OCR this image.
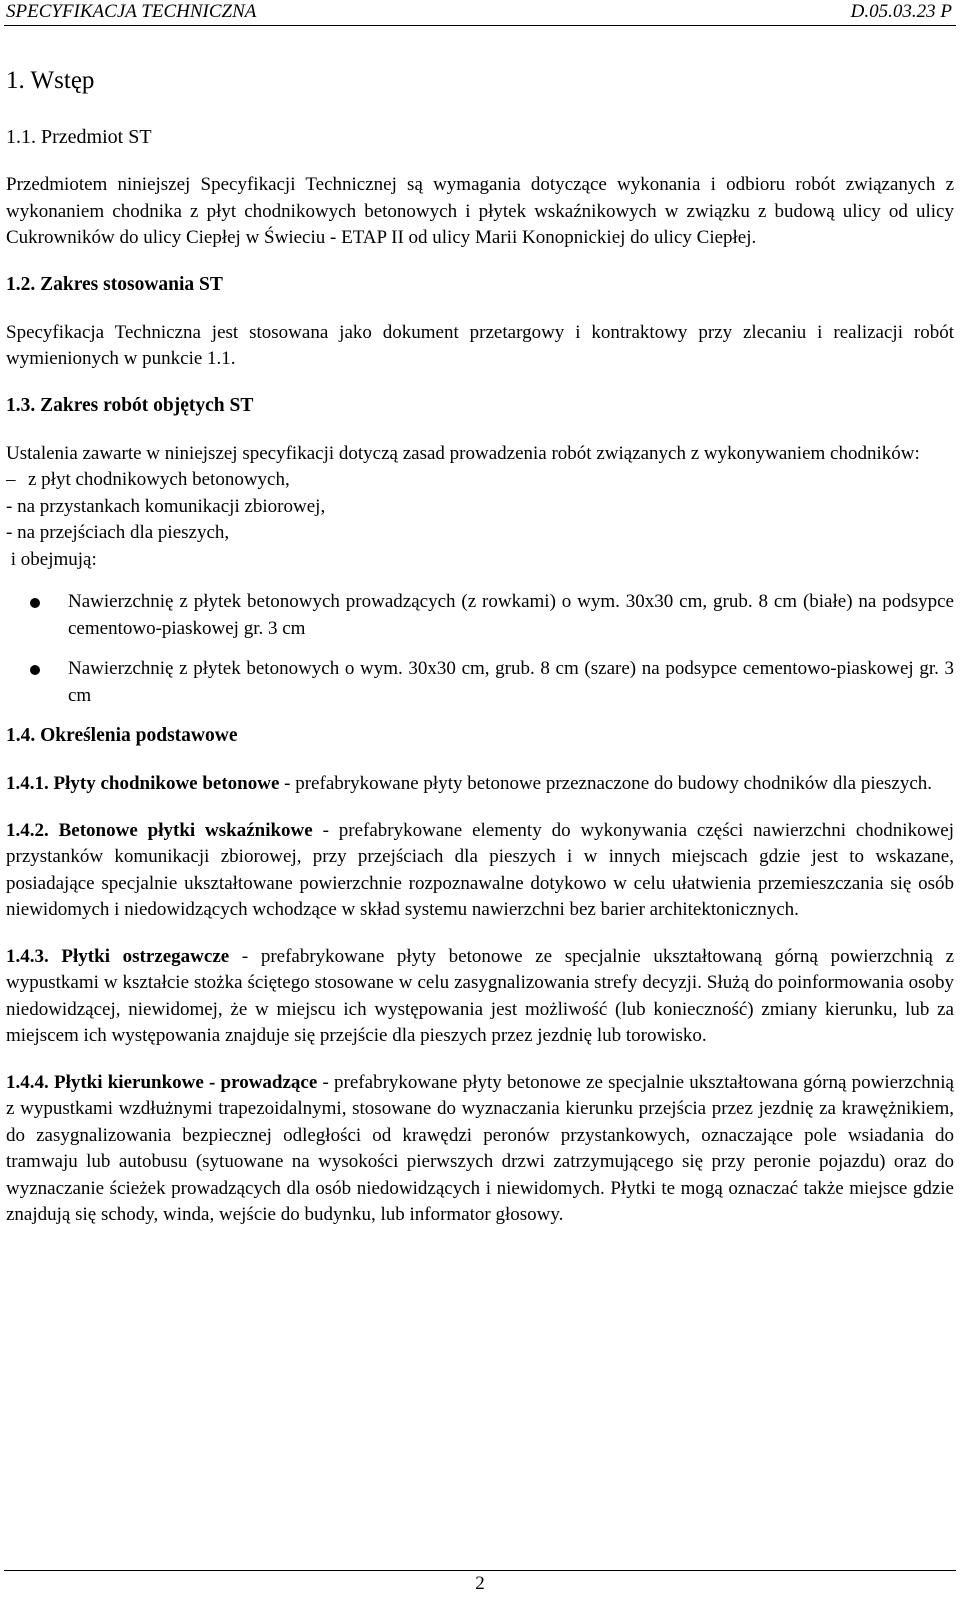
SPECYFIKACJA TECHNICZNA	D.05.03.23 P
1. Wstęp
1.1. Przedmiot ST

Przedmiotem niniejszej Specyfikacji Technicznej są wymagania dotyczące wykonania i odbioru robót związanych z wykonaniem chodnika z płyt chodnikowych betonowych i płytek wskaźnikowych w związku z budową ulicy od ulicy Cukrowników do ulicy Ciepłej w Świeciu - ETAP II od ulicy Marii Konopnickiej do ulicy Ciepłej.

1.2. Zakres stosowania ST

Specyfikacja Techniczna jest stosowana jako dokument przetargowy i kontraktowy przy zlecaniu i realizacji robót wymienionych w punkcie 1.1.

1.3. Zakres robót objętych ST

Ustalenia zawarte w niniejszej specyfikacji dotyczą zasad prowadzenia robót związanych z wykonywaniem chodników:

– z płyt chodnikowych betonowych,
- na przystankach komunikacji zbiorowej,
- na przejściach dla pieszych,
i obejmują:
Nawierzchnię z płytek betonowych prowadzących (z rowkami) o wym. 30x30 cm, grub. 8 cm (białe) na podsypce cementowo-piaskowej gr. 3 cm
Nawierzchnię z płytek betonowych o wym. 30x30 cm, grub. 8 cm (szare) na podsypce cementowo-piaskowej gr. 3 cm
1.4. Określenia podstawowe

1.4.1. Płyty chodnikowe betonowe - prefabrykowane płyty betonowe przeznaczone do budowy chodników dla pieszych.

1.4.2. Betonowe płytki wskaźnikowe - prefabrykowane elementy do wykonywania części nawierzchni chodnikowej przystanków komunikacji zbiorowej, przy przejściach dla pieszych i w innych miejscach gdzie jest to wskazane, posiadające specjalnie ukształtowane powierzchnie rozpoznawalne dotykowo w celu ułatwienia przemieszczania się osób niewidomych i niedowidzących wchodzące w skład systemu nawierzchni bez barier architektonicznych.

1.4.3. Płytki ostrzegawcze - prefabrykowane płyty betonowe ze specjalnie ukształtowaną górną powierzchnią z wypustkami w kształcie stożka ściętego stosowane w celu zasygnalizowania strefy decyzji. Służą do poinformowania osoby niedowidzącej, niewidomej, że w miejscu ich występowania jest możliwość (lub konieczność) zmiany kierunku, lub za miejscem ich występowania znajduje się przejście dla pieszych przez jezdnię lub torowisko.

1.4.4. Płytki kierunkowe - prowadzące - prefabrykowane płyty betonowe ze specjalnie ukształtowana górną powierzchnią z wypustkami wzdłużnymi trapezoidalnymi, stosowane do wyznaczania kierunku przejścia przez jezdnię za krawężnikiem, do zasygnalizowania bezpiecznej odległości od krawędzi peronów przystankowych, oznaczające pole wsiadania do tramwaju lub autobusu (sytuowane na wysokości pierwszych drzwi zatrzymującego się przy peronie pojazdu) oraz do wyznaczanie ścieżek prowadzących dla osób niedowidzących i niewidomych. Płytki te mogą oznaczać także miejsce gdzie znajdują się schody, winda, wejście do budynku, lub informator głosowy.

2
